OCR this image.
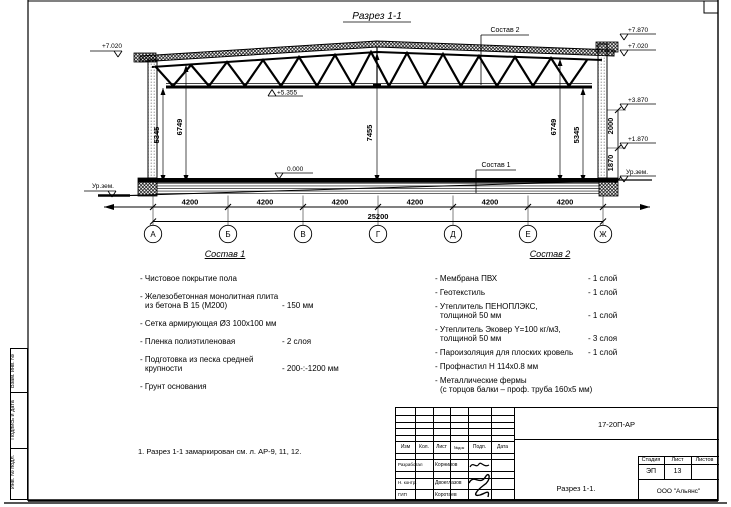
Разрез 1-1
Состав 2
Состав 1
+7.020
Ур.зем.
+5.355
0.000
+7.870
+7.020
+3.870
+1.870
Ур.зем.
2000
1870
5345 6749	7455	6749 5345
4200	4200	4200	4200	4200	4200
25200
А	Б	В	Г	Д	Е	Ж
Состав 1
- Чистовое покрытие пола
- Железобетонная монолитная плита
из бетона В 15 (М200)	- 150 мм
- Сетка армирующая Ø3 100х100 мм
- Пленка полиэтиленовая	- 2 слоя
- Подготовка из песка средней
крупности	- 200-:-1200 мм
- Грунт основания
Состав 2
- Мембрана ПВХ	- 1 слой
- Геотекстиль	- 1 слой
- Утеплитель ПЕНОПЛЭКС,
толщиной 50 мм	- 1 слой
- Утеплитель Эковер Y=100 кг/м3,
толщиной 50 мм	- 3 слоя
- Пароизоляция для плоских кровель	- 1 слой
- Профнастил Н 114х0.8 мм
- Металлические фермы
(с торцов балки – проф. труба 160х5 мм)
1. Разрез 1-1 замаркирован см. л. АР-9, 11, 12.	Изм	Кол.	Лист	№док	Подп.	Дата
Разработал	Корнилов
Н. контр.	Двоеглазов
ГИП	Коротаев
17-20П-АР
Разрез 1-1.
Стадия	Лист	Листов
ЭП	13
ООО "Альянс"
Взам. инв. №
Подпись и дата
Инв. № подл.
